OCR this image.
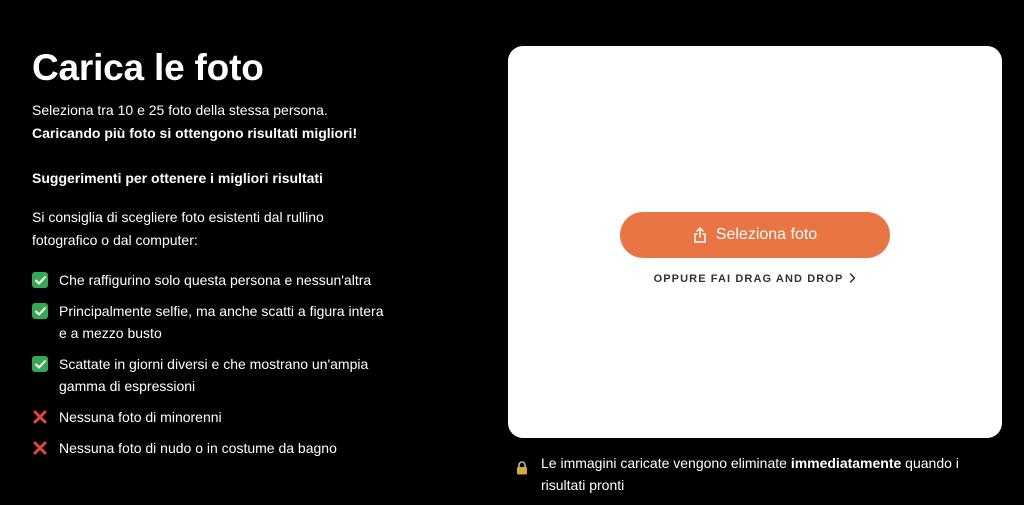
Carica le foto
Seleziona tra 10 e 25 foto della stessa persona.
Caricando più foto si ottengono risultati migliori!
Suggerimenti per ottenere i migliori risultati
Si consiglia di scegliere foto esistenti dal rullino fotografico o dal computer:
Che raffigurino solo questa persona e nessun'altra
Principalmente selfie, ma anche scatti a figura intera e a mezzo busto
Scattate in giorni diversi e che mostrano un'ampia gamma di espressioni
Nessuna foto di minorenni
Nessuna foto di nudo o in costume da bagno
Seleziona foto
OPPURE FAI DRAG AND DROP
Le immagini caricate vengono eliminate immediatamente quando i risultati pronti
